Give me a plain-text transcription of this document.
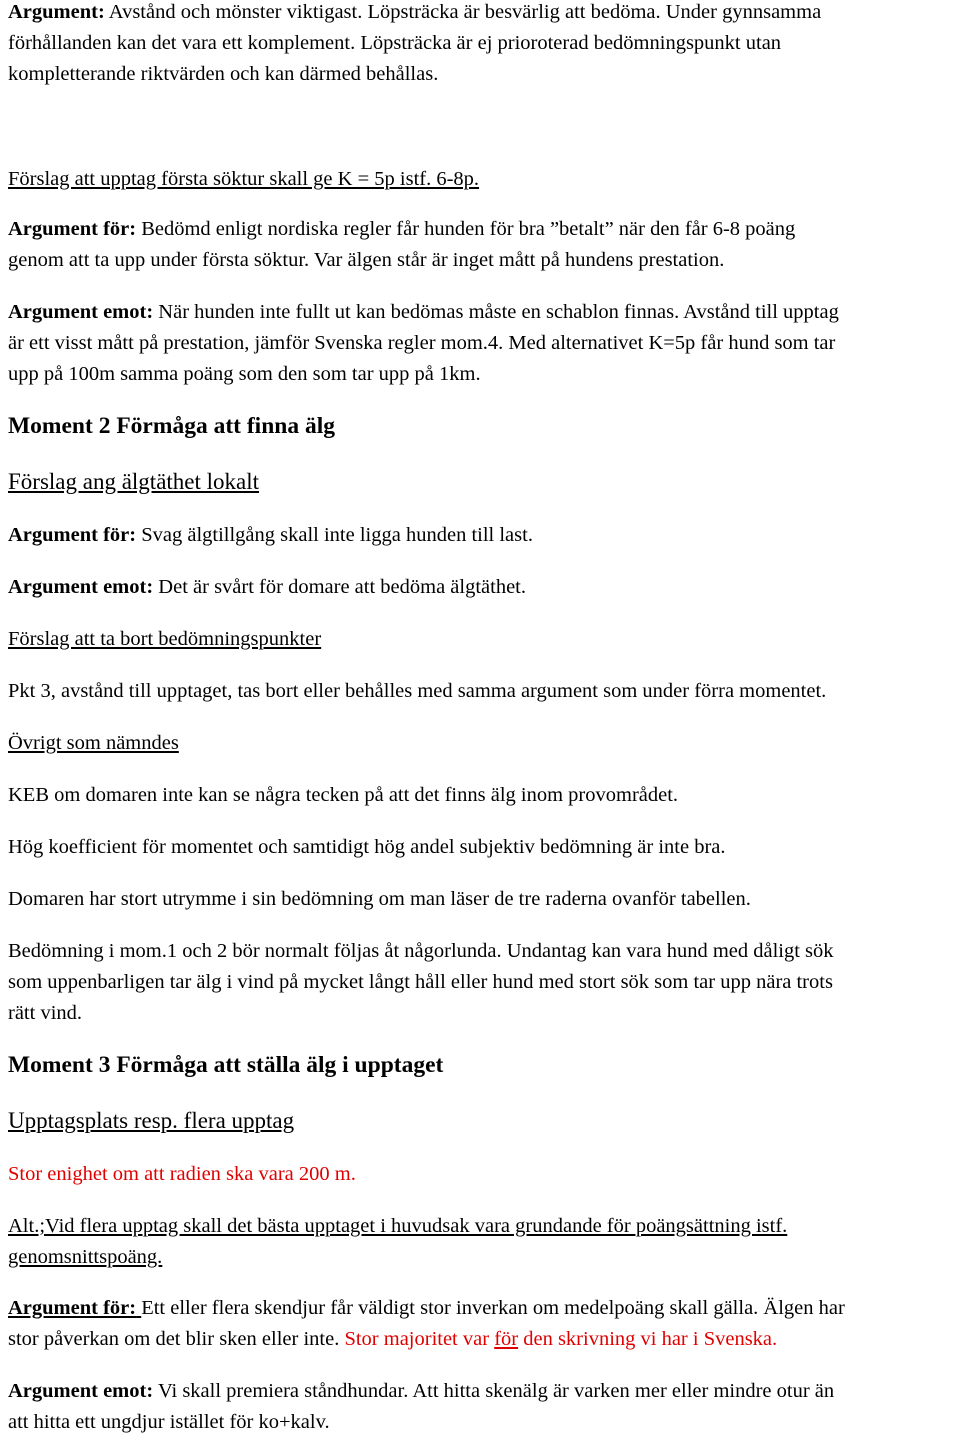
Argument: Avstånd och mönster viktigast. Löpsträcka är besvärlig att bedöma. Under gynnsamma
förhållanden kan det vara ett komplement. Löpsträcka är ej prioroterad bedömningspunkt utan
kompletterande riktvärden och kan därmed behållas.
Förslag att upptag första söktur skall ge K = 5p istf. 6-8p.
Argument för: Bedömd enligt nordiska regler får hunden för bra ”betalt” när den får 6-8 poäng
genom att ta upp under första söktur. Var älgen står är inget mått på hundens prestation.
Argument emot: När hunden inte fullt ut kan bedömas måste en schablon finnas. Avstånd till upptag
är ett visst mått på prestation, jämför Svenska regler mom.4. Med alternativet K=5p får hund som tar
upp på 100m samma poäng som den som tar upp på 1km.
Moment 2 Förmåga att finna älg
Förslag ang älgtäthet lokalt
Argument för: Svag älgtillgång skall inte ligga hunden till last.
Argument emot: Det är svårt för domare att bedöma älgtäthet.
Förslag att ta bort bedömningspunkter
Pkt 3, avstånd till upptaget, tas bort eller behålles med samma argument som under förra momentet.
Övrigt som nämndes
KEB om domaren inte kan se några tecken på att det finns älg inom provområdet.
Hög koefficient för momentet och samtidigt hög andel subjektiv bedömning är inte bra.
Domaren har stort utrymme i sin bedömning om man läser de tre raderna ovanför tabellen.
Bedömning i mom.1 och 2 bör normalt följas åt någorlunda. Undantag kan vara hund med dåligt sök
som uppenbarligen tar älg i vind på mycket långt håll eller hund med stort sök som tar upp nära trots
rätt vind.
Moment 3 Förmåga att ställa älg i upptaget
Upptagsplats resp. flera upptag
Stor enighet om att radien ska vara 200 m.
Alt.;Vid flera upptag skall det bästa upptaget i huvudsak vara grundande för poängsättning istf.
genomsnittspoäng.
Argument för: Ett eller flera skendjur får väldigt stor inverkan om medelpoäng skall gälla. Älgen har
stor påverkan om det blir sken eller inte. Stor majoritet var för den skrivning vi har i Svenska.
Argument emot: Vi skall premiera ståndhundar. Att hitta skenälg är varken mer eller mindre otur än
att hitta ett ungdjur istället för ko+kalv.
